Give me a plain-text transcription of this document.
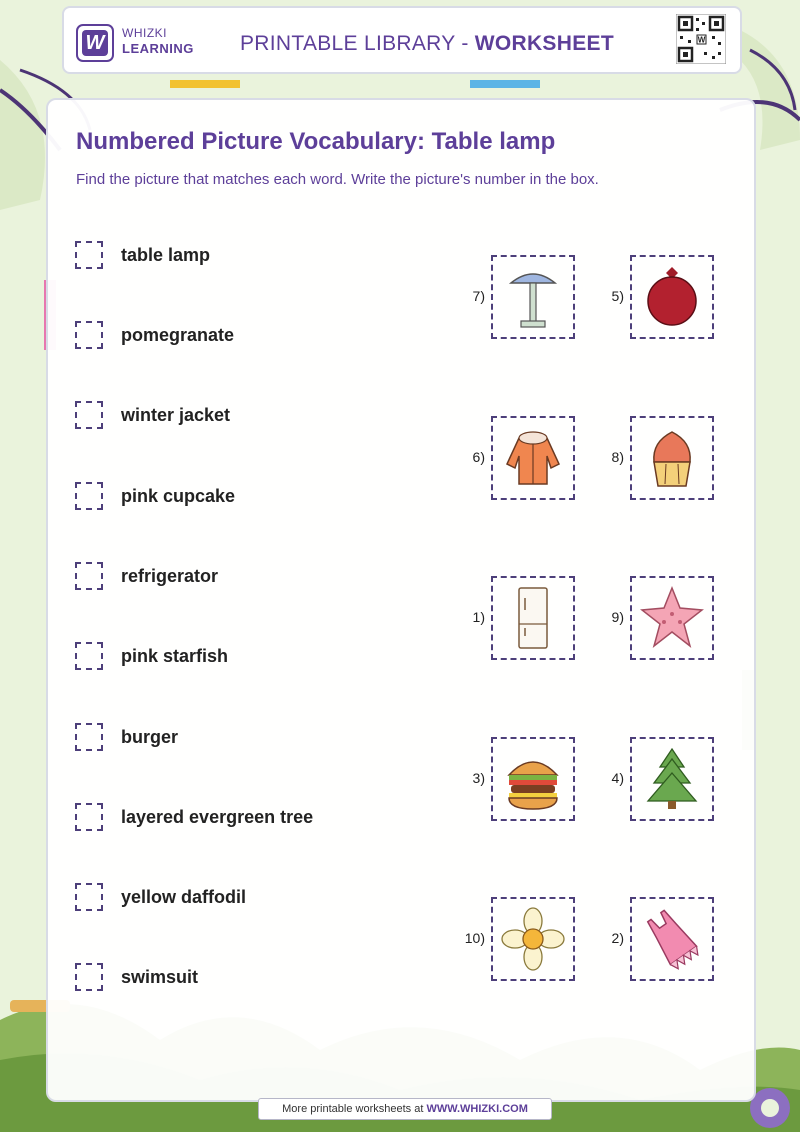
W WHIZKI
LEARNING PRINTABLE LIBRARY - WORKSHEET	W
Numbered Picture Vocabulary: Table lamp
Find the picture that matches each word. Write the picture's number in the box.
table lamp
pomegranate
winter jacket
pink cupcake
refrigerator
pink starfish
burger
layered evergreen tree
yellow daffodil
swimsuit
7)	5)
6)	8)
1)	9)
3)	4)
10)	2)
More printable worksheets at WWW.WHIZKI.COM
